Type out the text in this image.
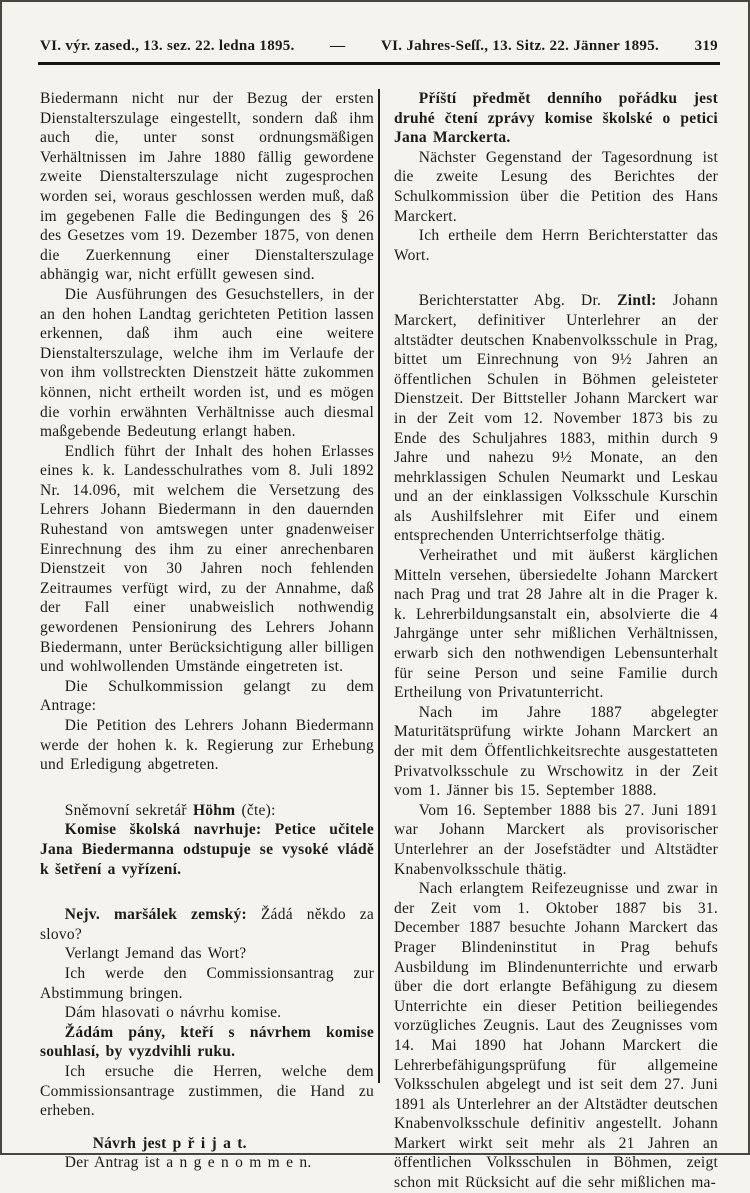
VI. výr. zased., 13. sez. 22. ledna 1895. — VI. Jahres-Seſſ., 13. Sitz. 22. Jänner 1895. 319

Biedermann nicht nur der Bezug der ersten Dienstalterszulage eingestellt, sondern daß ihm auch die, unter sonst ordnungsmäßigen Verhältnissen im Jahre 1880 fällig gewordene zweite Dienstalterszulage nicht zugesprochen worden sei, woraus geschlossen werden muß, daß im gegebenen Falle die Bedingungen des § 26 des Gesetzes vom 19. Dezember 1875, von denen die Zuerkennung einer Dienstalterszulage abhängig war, nicht erfüllt gewesen sind.

Die Ausführungen des Gesuchstellers, in der an den hohen Landtag gerichteten Petition lassen erkennen, daß ihm auch eine weitere Dienstalterszulage, welche ihm im Verlaufe der von ihm vollstreckten Dienstzeit hätte zukommen können, nicht ertheilt worden ist, und es mögen die vorhin erwähnten Verhältnisse auch diesmal maßgebende Bedeutung erlangt haben.

Endlich führt der Inhalt des hohen Erlasses eines k. k. Landesschulrathes vom 8. Juli 1892 Nr. 14.096, mit welchem die Versetzung des Lehrers Johann Biedermann in den dauernden Ruhestand von amtswegen unter gnadenweiser Einrechnung des ihm zu einer anrechenbaren Dienstzeit von 30 Jahren noch fehlenden Zeitraumes verfügt wird, zu der Annahme, daß der Fall einer unabweislich nothwendig gewordenen Pensionirung des Lehrers Johann Biedermann, unter Berücksichtigung aller billigen und wohlwollenden Umstände eingetreten ist.

Die Schulkommission gelangt zu dem Antrage:

Die Petition des Lehrers Johann Biedermann werde der hohen k. k. Regierung zur Erhebung und Erledigung abgetreten.

Sněmovní sekretář Höhm (čte):

Komise školská navrhuje: Petice učitele Jana Biedermanna odstupuje se vysoké vládě k šetření a vyřízení.

Nejv. maršálek zemský: Žádá někdo za slovo?

Verlangt Jemand das Wort?

Ich werde den Commissionsantrag zur Abstimmung bringen.

Dám hlasovati o návrhu komise.

Žádám pány, kteří s návrhem komise souhlasí, by vyzdvihli ruku.

Ich ersuche die Herren, welche dem Commissionsantrage zustimmen, die Hand zu erheben.

Návrh jest p ř i j a t.

Der Antrag ist a n g e n o m m e n.

Příští předmět denního pořádku jest druhé čtení zprávy komise školské o petici Jana Marckerta.

Nächster Gegenstand der Tagesordnung ist die zweite Lesung des Berichtes der Schulkommission über die Petition des Hans Marckert.

Ich ertheile dem Herrn Berichterstatter das Wort.

Berichterstatter Abg. Dr. Zintl: Johann Marckert, definitiver Unterlehrer an der altstädter deutschen Knabenvolksschule in Prag, bittet um Einrechnung von 9½ Jahren an öffentlichen Schulen in Böhmen geleisteter Dienstzeit. Der Bittsteller Johann Marckert war in der Zeit vom 12. November 1873 bis zu Ende des Schuljahres 1883, mithin durch 9 Jahre und nahezu 9½ Monate, an den mehrklassigen Schulen Neumarkt und Leskau und an der einklassigen Volksschule Kurschin als Aushilfslehrer mit Eifer und einem entsprechenden Unterrichtserfolge thätig.

Verheirathet und mit äußerst kärglichen Mitteln versehen, übersiedelte Johann Marckert nach Prag und trat 28 Jahre alt in die Prager k. k. Lehrerbildungsanstalt ein, absolvierte die 4 Jahrgänge unter sehr mißlichen Verhältnissen, erwarb sich den nothwendigen Lebensunterhalt für seine Person und seine Familie durch Ertheilung von Privatunterricht.

Nach im Jahre 1887 abgelegter Maturitätsprüfung wirkte Johann Marckert an der mit dem Öffentlichkeitsrechte ausgestatteten Privatvolksschule zu Wrschowitz in der Zeit vom 1. Jänner bis 15. September 1888.

Vom 16. September 1888 bis 27. Juni 1891 war Johann Marckert als provisorischer Unterlehrer an der Josefstädter und Altstädter Knabenvolksschule thätig.

Nach erlangtem Reifezeugnisse und zwar in der Zeit vom 1. Oktober 1887 bis 31. December 1887 besuchte Johann Marckert das Prager Blindeninstitut in Prag behufs Ausbildung im Blindenunterrichte und erwarb über die dort erlangte Befähigung zu diesem Unterrichte ein dieser Petition beiliegendes vorzügliches Zeugnis. Laut des Zeugnisses vom 14. Mai 1890 hat Johann Marckert die Lehrerbefähigungsprüfung für allgemeine Volksschulen abgelegt und ist seit dem 27. Juni 1891 als Unterlehrer an der Altstädter deutschen Knabenvolksschule definitiv angestellt. Johann Markert wirkt seit mehr als 21 Jahren an öffentlichen Volksschulen in Böhmen, zeigt schon mit Rücksicht auf die sehr mißlichen ma-
